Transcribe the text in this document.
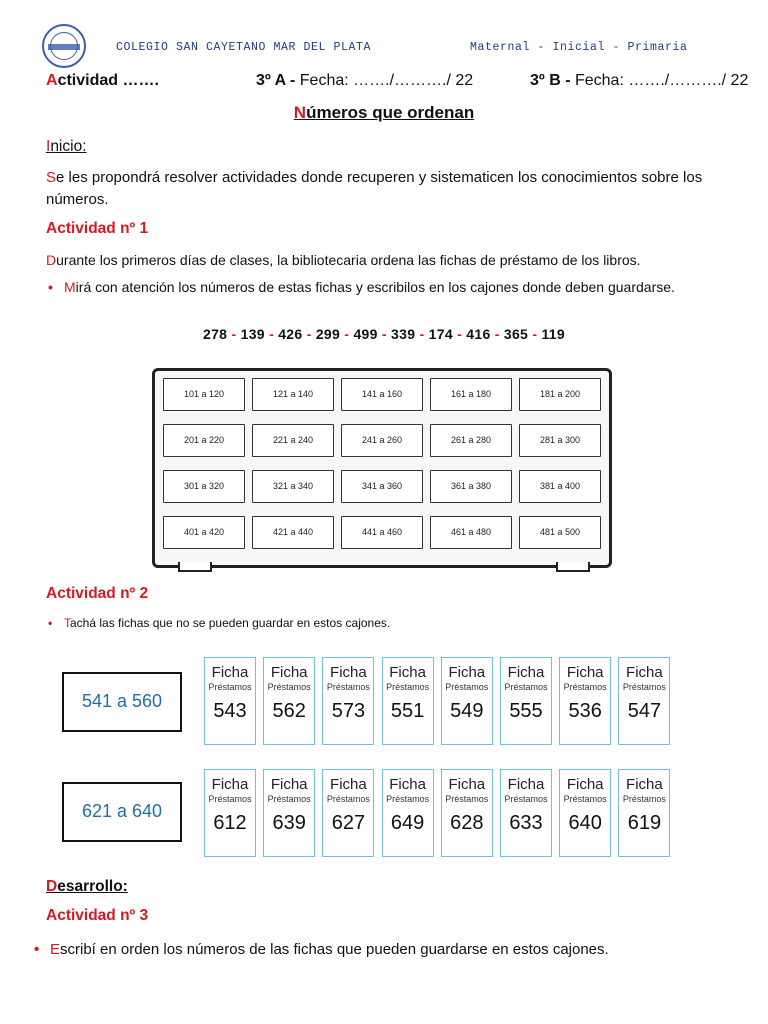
COLEGIO SAN CAYETANO MAR DEL PLATA	Maternal - Inicial - Primaria
Actividad …….	3º A - Fecha: ……./………./ 22	3º B - Fecha: ……./………./ 22
Números que ordenan
Inicio:
Se les propondrá resolver actividades donde recuperen y sistematicen los conocimientos sobre los números.
Actividad nº 1
Durante los primeros días de clases, la bibliotecaria ordena las fichas de préstamo de los libros.
• Mirá con atención los números de estas fichas y escribilos en los cajones donde deben guardarse.
278 - 139 - 426 - 299 - 499 - 339 - 174 - 416 - 365 - 119
101 a 120	121 a 140	141 a 160	161 a 180	181 a 200
201 a 220	221 a 240	241 a 260	261 a 280	281 a 300
301 a 320	321 a 340	341 a 360	361 a 380	381 a 400
401 a 420	421 a 440	441 a 460	461 a 480	481 a 500
Actividad nº 2
• Tachá las fichas que no se pueden guardar en estos cajones.
541 a 560
621 a 640
Ficha
Préstamos
543
Ficha
Préstamos
562
Ficha
Préstamos
573
Ficha
Préstamos
551
Ficha
Préstamos
549
Ficha
Préstamos
555
Ficha
Préstamos
536
Ficha
Préstamos
547
Ficha
Préstamos
612
Ficha
Préstamos
639
Ficha
Préstamos
627
Ficha
Préstamos
649
Ficha
Préstamos
628
Ficha
Préstamos
633
Ficha
Préstamos
640
Ficha
Préstamos
619
Desarrollo:
Actividad nº 3
• Escribí en orden los números de las fichas que pueden guardarse en estos cajones.
